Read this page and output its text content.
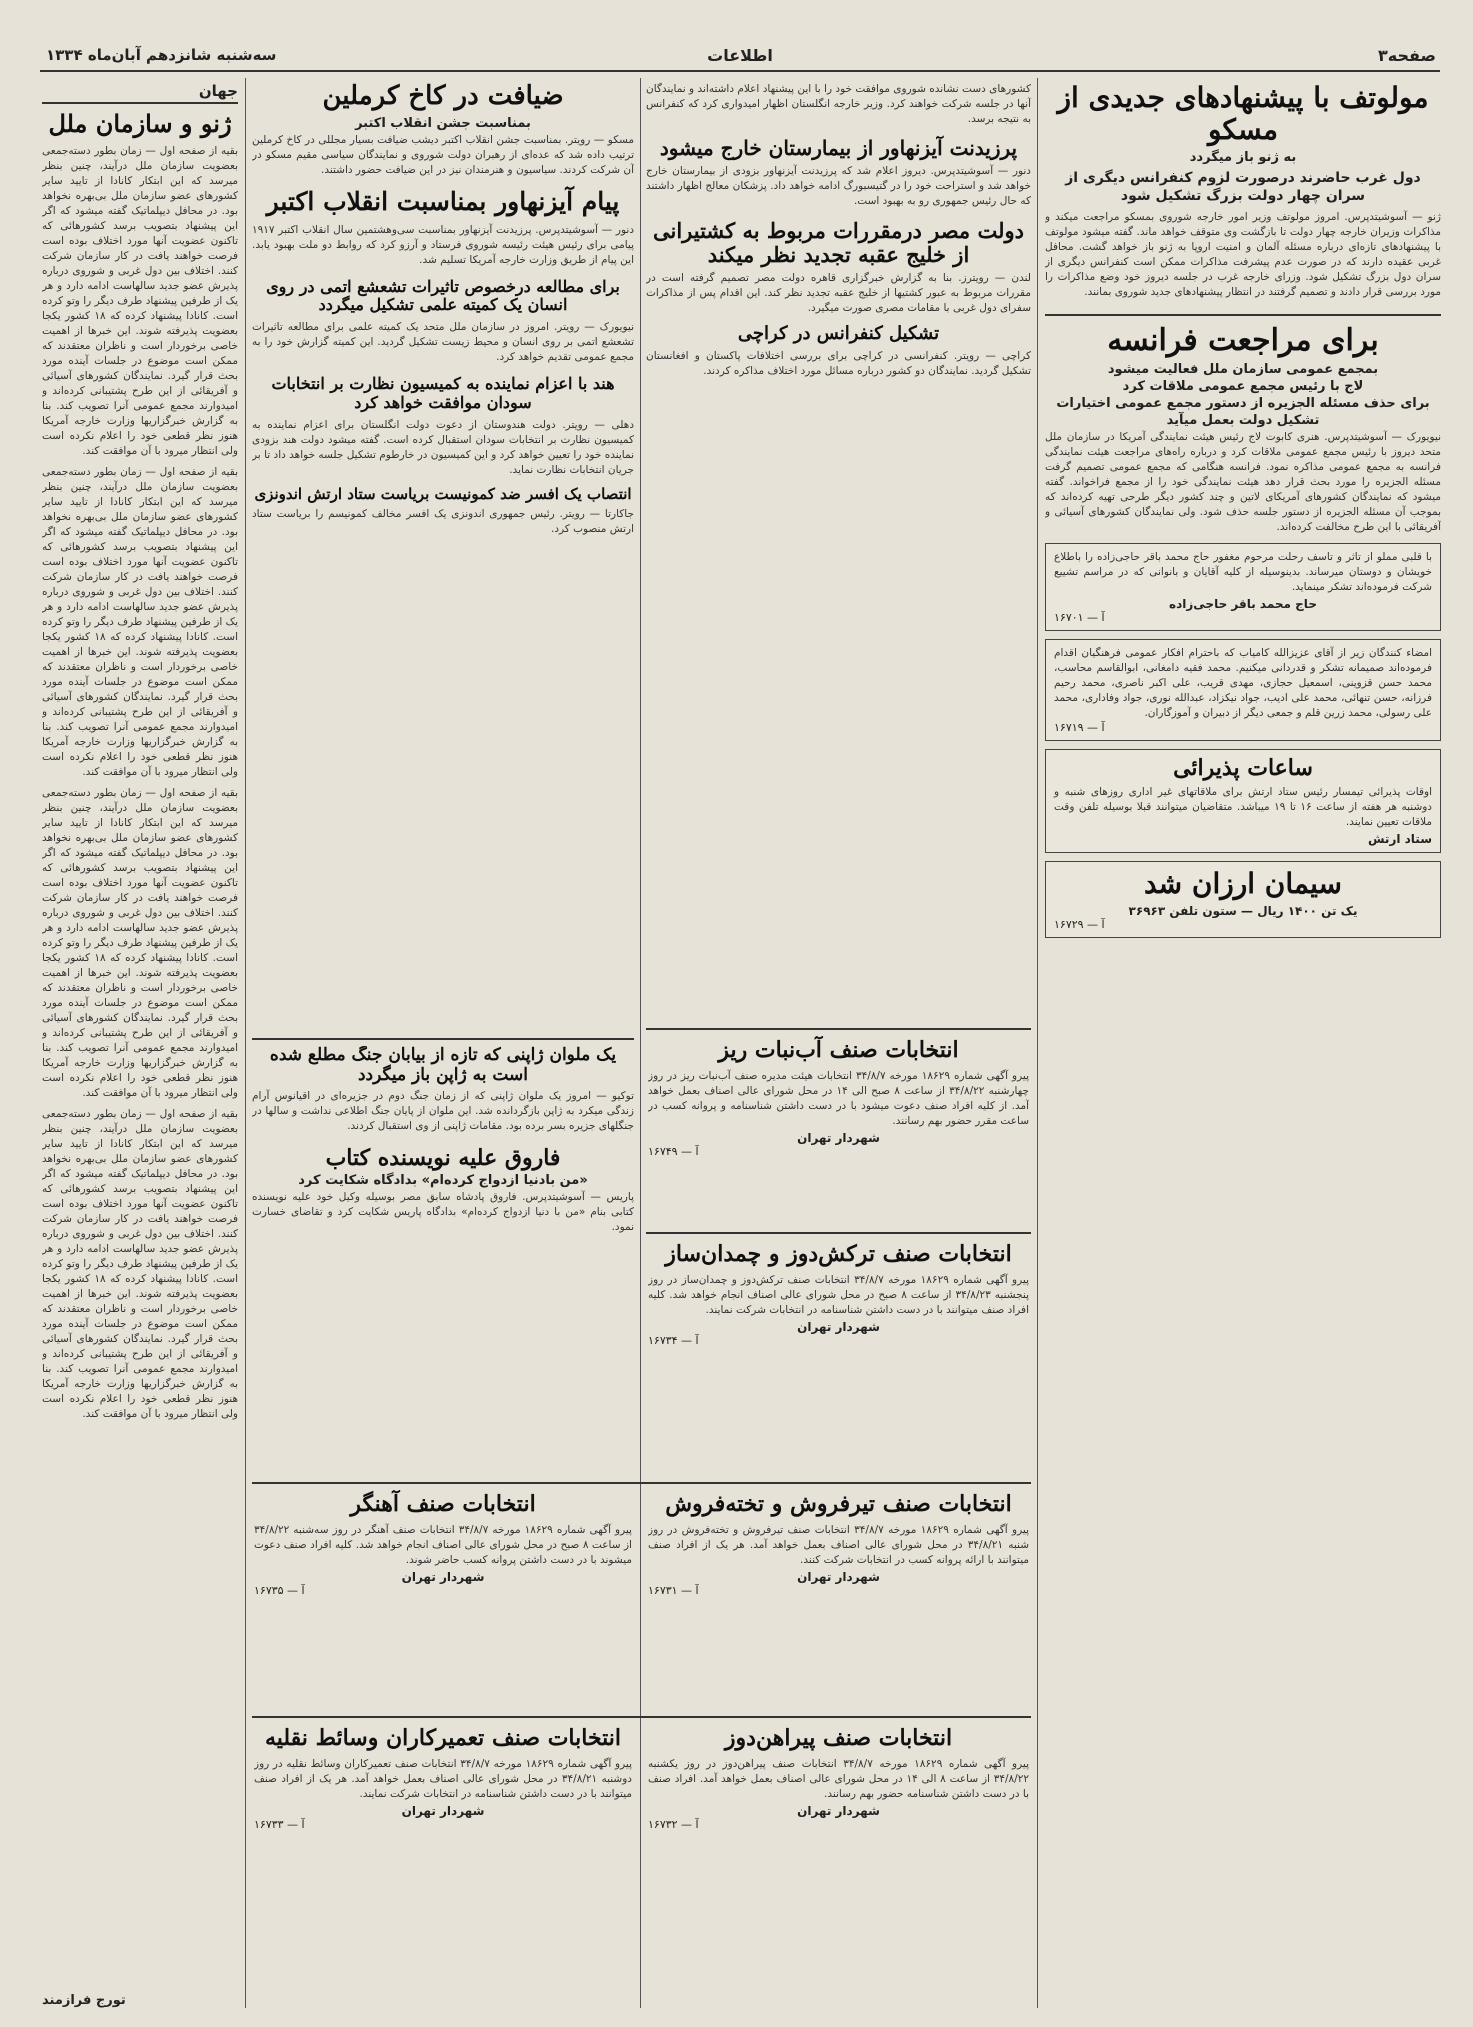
صفحه۳
اطلاعات
سه‌شنبه شانزدهم آبان‌ماه ۱۳۳۴
جهان
ژنو و سازمان ملل

بقیه از صفحه اول — زمان بطور دسته‌جمعی بعضویت سازمان ملل درآیند، چنین بنظر میرسد که این ابتکار کانادا از تایید سایر کشورهای عضو سازمان ملل بی‌بهره نخواهد بود. در محافل دیپلماتیک گفته میشود که اگر این پیشنهاد بتصویب برسد کشورهائی که تاکنون عضویت آنها مورد اختلاف بوده است فرصت خواهند یافت در کار سازمان شرکت کنند. اختلاف بین دول غربی و شوروی درباره پذیرش عضو جدید سالهاست ادامه دارد و هر یک از طرفین پیشنهاد طرف دیگر را وتو کرده است. کانادا پیشنهاد کرده که ۱۸ کشور یکجا بعضویت پذیرفته شوند. این خبرها از اهمیت خاصی برخوردار است و ناظران معتقدند که ممکن است موضوع در جلسات آینده مورد بحث قرار گیرد. نمایندگان کشورهای آسیائی و آفریقائی از این طرح پشتیبانی کرده‌اند و امیدوارند مجمع عمومی آنرا تصویب کند. بنا به گزارش خبرگزاریها وزارت خارجه آمریکا هنوز نظر قطعی خود را اعلام نکرده است ولی انتظار میرود با آن موافقت کند.

بقیه از صفحه اول — زمان بطور دسته‌جمعی بعضویت سازمان ملل درآیند، چنین بنظر میرسد که این ابتکار کانادا از تایید سایر کشورهای عضو سازمان ملل بی‌بهره نخواهد بود. در محافل دیپلماتیک گفته میشود که اگر این پیشنهاد بتصویب برسد کشورهائی که تاکنون عضویت آنها مورد اختلاف بوده است فرصت خواهند یافت در کار سازمان شرکت کنند. اختلاف بین دول غربی و شوروی درباره پذیرش عضو جدید سالهاست ادامه دارد و هر یک از طرفین پیشنهاد طرف دیگر را وتو کرده است. کانادا پیشنهاد کرده که ۱۸ کشور یکجا بعضویت پذیرفته شوند. این خبرها از اهمیت خاصی برخوردار است و ناظران معتقدند که ممکن است موضوع در جلسات آینده مورد بحث قرار گیرد. نمایندگان کشورهای آسیائی و آفریقائی از این طرح پشتیبانی کرده‌اند و امیدوارند مجمع عمومی آنرا تصویب کند. بنا به گزارش خبرگزاریها وزارت خارجه آمریکا هنوز نظر قطعی خود را اعلام نکرده است ولی انتظار میرود با آن موافقت کند.

بقیه از صفحه اول — زمان بطور دسته‌جمعی بعضویت سازمان ملل درآیند، چنین بنظر میرسد که این ابتکار کانادا از تایید سایر کشورهای عضو سازمان ملل بی‌بهره نخواهد بود. در محافل دیپلماتیک گفته میشود که اگر این پیشنهاد بتصویب برسد کشورهائی که تاکنون عضویت آنها مورد اختلاف بوده است فرصت خواهند یافت در کار سازمان شرکت کنند. اختلاف بین دول غربی و شوروی درباره پذیرش عضو جدید سالهاست ادامه دارد و هر یک از طرفین پیشنهاد طرف دیگر را وتو کرده است. کانادا پیشنهاد کرده که ۱۸ کشور یکجا بعضویت پذیرفته شوند. این خبرها از اهمیت خاصی برخوردار است و ناظران معتقدند که ممکن است موضوع در جلسات آینده مورد بحث قرار گیرد. نمایندگان کشورهای آسیائی و آفریقائی از این طرح پشتیبانی کرده‌اند و امیدوارند مجمع عمومی آنرا تصویب کند. بنا به گزارش خبرگزاریها وزارت خارجه آمریکا هنوز نظر قطعی خود را اعلام نکرده است ولی انتظار میرود با آن موافقت کند.

بقیه از صفحه اول — زمان بطور دسته‌جمعی بعضویت سازمان ملل درآیند، چنین بنظر میرسد که این ابتکار کانادا از تایید سایر کشورهای عضو سازمان ملل بی‌بهره نخواهد بود. در محافل دیپلماتیک گفته میشود که اگر این پیشنهاد بتصویب برسد کشورهائی که تاکنون عضویت آنها مورد اختلاف بوده است فرصت خواهند یافت در کار سازمان شرکت کنند. اختلاف بین دول غربی و شوروی درباره پذیرش عضو جدید سالهاست ادامه دارد و هر یک از طرفین پیشنهاد طرف دیگر را وتو کرده است. کانادا پیشنهاد کرده که ۱۸ کشور یکجا بعضویت پذیرفته شوند. این خبرها از اهمیت خاصی برخوردار است و ناظران معتقدند که ممکن است موضوع در جلسات آینده مورد بحث قرار گیرد. نمایندگان کشورهای آسیائی و آفریقائی از این طرح پشتیبانی کرده‌اند و امیدوارند مجمع عمومی آنرا تصویب کند. بنا به گزارش خبرگزاریها وزارت خارجه آمریکا هنوز نظر قطعی خود را اعلام نکرده است ولی انتظار میرود با آن موافقت کند.

تورج فرازمند
ضیافت در کاخ کرملین
بمناسبت جشن انقلاب اکتبر

مسکو — رویتر. بمناسبت جشن انقلاب اکتبر دیشب ضیافت بسیار مجللی در کاخ کرملین ترتیب داده شد که عده‌ای از رهبران دولت شوروی و نمایندگان سیاسی مقیم مسکو در آن شرکت کردند. سیاسیون و هنرمندان نیز در این ضیافت حضور داشتند.

پیام آیزنهاور بمناسبت انقلاب اکتبر

دنور — آسوشیتدپرس. پرزیدنت آیزنهاور بمناسبت سی‌وهشتمین سال انقلاب اکتبر ۱۹۱۷ پیامی برای رئیس هیئت رئیسه شوروی فرستاد و آرزو کرد که روابط دو ملت بهبود یابد. این پیام از طریق وزارت خارجه آمریکا تسلیم شد.

برای مطالعه درخصوص تاثیرات تشعشع اتمی در روی انسان یک کمیته علمی تشکیل میگردد

نیویورک — رویتر. امروز در سازمان ملل متحد یک کمیته علمی برای مطالعه تاثیرات تشعشع اتمی بر روی انسان و محیط زیست تشکیل گردید. این کمیته گزارش خود را به مجمع عمومی تقدیم خواهد کرد.

هند با اعزام نماینده به کمیسیون نظارت بر انتخابات سودان موافقت خواهد کرد

دهلی — رویتر. دولت هندوستان از دعوت دولت انگلستان برای اعزام نماینده به کمیسیون نظارت بر انتخابات سودان استقبال کرده است. گفته میشود دولت هند بزودی نماینده خود را تعیین خواهد کرد و این کمیسیون در خارطوم تشکیل جلسه خواهد داد تا بر جریان انتخابات نظارت نماید.

انتصاب یک افسر ضد کمونیست بریاست ستاد ارتش اندونزی

جاکارتا — رویتر. رئیس جمهوری اندونزی یک افسر مخالف کمونیسم را بریاست ستاد ارتش منصوب کرد.

کشورهای دست نشانده شوروی موافقت خود را با این پیشنهاد اعلام داشته‌اند و نمایندگان آنها در جلسه شرکت خواهند کرد. وزیر خارجه انگلستان اظهار امیدواری کرد که کنفرانس به نتیجه برسد.

پرزیدنت آیزنهاور از بیمارستان خارج میشود

دنور — آسوشیتدپرس. دیروز اعلام شد که پرزیدنت آیزنهاور بزودی از بیمارستان خارج خواهد شد و استراحت خود را در گتیسبورگ ادامه خواهد داد. پزشکان معالج اظهار داشتند که حال رئیس جمهوری رو به بهبود است.

دولت مصر درمقررات مربوط به کشتیرانی از خلیج عقبه تجدید نظر میکند

لندن — رویترز. بنا به گزارش خبرگزاری قاهره دولت مصر تصمیم گرفته است در مقررات مربوط به عبور کشتیها از خلیج عقبه تجدید نظر کند. این اقدام پس از مذاکرات سفرای دول غربی با مقامات مصری صورت میگیرد.

تشکیل کنفرانس در کراچی

کراچی — رویتر. کنفرانسی در کراچی برای بررسی اختلافات پاکستان و افغانستان تشکیل گردید. نمایندگان دو کشور درباره مسائل مورد اختلاف مذاکره کردند.

مولوتف با پیشنهادهای جدیدی از مسکو
به ژنو باز میگردد
دول غرب حاضرند درصورت لزوم کنفرانس دیگری از سران چهار دولت بزرگ تشکیل شود

ژنو — آسوشیتدپرس. امروز مولوتف وزیر امور خارجه شوروی بمسکو مراجعت میکند و مذاکرات وزیران خارجه چهار دولت تا بازگشت وی متوقف خواهد ماند. گفته میشود مولوتف با پیشنهادهای تازه‌ای درباره مسئله آلمان و امنیت اروپا به ژنو باز خواهد گشت. محافل غربی عقیده دارند که در صورت عدم پیشرفت مذاکرات ممکن است کنفرانس دیگری از سران دول بزرگ تشکیل شود. وزرای خارجه غرب در جلسه دیروز خود وضع مذاکرات را مورد بررسی قرار دادند و تصمیم گرفتند در انتظار پیشنهادهای جدید شوروی بمانند.

برای مراجعت فرانسه
بمجمع عمومی سازمان ملل فعالیت میشود
لاج با رئیس مجمع عمومی ملاقات کرد
برای حذف مسئله الجزیره از دستور مجمع عمومی اختیارات تشکیل دولت بعمل میآید

نیویورک — آسوشیتدپرس. هنری کابوت لاج رئیس هیئت نمایندگی آمریکا در سازمان ملل متحد دیروز با رئیس مجمع عمومی ملاقات کرد و درباره راه‌های مراجعت هیئت نمایندگی فرانسه به مجمع عمومی مذاکره نمود. فرانسه هنگامی که مجمع عمومی تصمیم گرفت مسئله الجزیره را مورد بحث قرار دهد هیئت نمایندگی خود را از مجمع فراخواند. گفته میشود که نمایندگان کشورهای آمریکای لاتین و چند کشور دیگر طرحی تهیه کرده‌اند که بموجب آن مسئله الجزیره از دستور جلسه حذف شود. ولی نمایندگان کشورهای آسیائی و آفریقائی با این طرح مخالفت کرده‌اند.

با قلبی مملو از تاثر و تاسف رحلت مرحوم مغفور حاج محمد باقر حاجی‌زاده را باطلاع خویشان و دوستان میرساند. بدینوسیله از کلیه آقایان و بانوانی که در مراسم تشییع شرکت فرموده‌اند تشکر مینماید.

حاج محمد باقر حاجی‌زاده
آ — ۱۶۷۰۱

امضاء کنندگان زیر از آقای عزیزالله کامیاب که باحترام افکار عمومی فرهنگیان اقدام فرموده‌اند صمیمانه تشکر و قدردانی میکنیم. محمد فقیه دامغانی، ابوالقاسم محاسب، محمد حسن قزوینی، اسمعیل حجازی، مهدی قریب، علی اکبر ناصری، محمد رحیم فرزانه، حسن تنهائی، محمد علی ادیب، جواد نیکزاد، عبدالله نوری، جواد وفاداری، محمد علی رسولی، محمد زرین قلم و جمعی دیگر از دبیران و آموزگاران.

آ — ۱۶۷۱۹
ساعات پذیرائی

اوقات پذیرائی تیمسار رئیس ستاد ارتش برای ملاقاتهای غیر اداری روزهای شنبه و دوشنبه هر هفته از ساعت ۱۶ تا ۱۹ میباشد. متقاضیان میتوانند قبلا بوسیله تلفن وقت ملاقات تعیین نمایند.

ستاد ارتش
سیمان ارزان شد
یک تن ۱۴۰۰ ریال — ستون تلفن ۳۶۹۶۳
آ — ۱۶۷۲۹
یک ملوان ژاپنی که تازه از بیابان جنگ مطلع شده است به ژاپن باز میگردد

توکیو — امروز یک ملوان ژاپنی که از زمان جنگ دوم در جزیره‌ای در اقیانوس آرام زندگی میکرد به ژاپن بازگردانده شد. این ملوان از پایان جنگ اطلاعی نداشت و سالها در جنگلهای جزیره بسر برده بود. مقامات ژاپنی از وی استقبال کردند.

فاروق علیه نویسنده کتاب
«من بادنیا ازدواج کرده‌ام» بدادگاه شکایت کرد

پاریس — آسوشیتدپرس. فاروق پادشاه سابق مصر بوسیله وکیل خود علیه نویسنده کتابی بنام «من با دنیا ازدواج کرده‌ام» بدادگاه پاریس شکایت کرد و تقاضای خسارت نمود.

انتخابات صنف آب‌نبات ریز

پیرو آگهی شماره ۱۸۶۲۹ مورخه ۳۴/۸/۷ انتخابات هیئت مدیره صنف آب‌نبات ریز در روز چهارشنبه ۳۴/۸/۲۲ از ساعت ۸ صبح الی ۱۴ در محل شورای عالی اصناف بعمل خواهد آمد. از کلیه افراد صنف دعوت میشود با در دست داشتن شناسنامه و پروانه کسب در ساعت مقرر حضور بهم رسانند.

شهردار تهران
آ — ۱۶۷۴۹
انتخابات صنف ترکش‌دوز و چمدان‌ساز

پیرو آگهی شماره ۱۸۶۲۹ مورخه ۳۴/۸/۷ انتخابات صنف ترکش‌دوز و چمدان‌ساز در روز پنجشنبه ۳۴/۸/۲۳ از ساعت ۸ صبح در محل شورای عالی اصناف انجام خواهد شد. کلیه افراد صنف میتوانند با در دست داشتن شناسنامه در انتخابات شرکت نمایند.

شهردار تهران
آ — ۱۶۷۳۴
انتخابات صنف تیرفروش و تخته‌فروش

پیرو آگهی شماره ۱۸۶۲۹ مورخه ۳۴/۸/۷ انتخابات صنف تیرفروش و تخته‌فروش در روز شنبه ۳۴/۸/۲۱ در محل شورای عالی اصناف بعمل خواهد آمد. هر یک از افراد صنف میتوانند با ارائه پروانه کسب در انتخابات شرکت کنند.

شهردار تهران
آ — ۱۶۷۳۱
انتخابات صنف پیراهن‌دوز

پیرو آگهی شماره ۱۸۶۲۹ مورخه ۳۴/۸/۷ انتخابات صنف پیراهن‌دوز در روز یکشنبه ۳۴/۸/۲۲ از ساعت ۸ الی ۱۴ در محل شورای عالی اصناف بعمل خواهد آمد. افراد صنف با در دست داشتن شناسنامه حضور بهم رسانند.

شهردار تهران
آ — ۱۶۷۳۲
انتخابات صنف آهنگر

پیرو آگهی شماره ۱۸۶۲۹ مورخه ۳۴/۸/۷ انتخابات صنف آهنگر در روز سه‌شنبه ۳۴/۸/۲۲ از ساعت ۸ صبح در محل شورای عالی اصناف انجام خواهد شد. کلیه افراد صنف دعوت میشوند با در دست داشتن پروانه کسب حاضر شوند.

شهردار تهران
آ — ۱۶۷۳۵
انتخابات صنف تعمیرکاران وسائط نقلیه

پیرو آگهی شماره ۱۸۶۲۹ مورخه ۳۴/۸/۷ انتخابات صنف تعمیرکاران وسائط نقلیه در روز دوشنبه ۳۴/۸/۲۱ در محل شورای عالی اصناف بعمل خواهد آمد. هر یک از افراد صنف میتوانند با در دست داشتن شناسنامه در انتخابات شرکت نمایند.

شهردار تهران
آ — ۱۶۷۳۳
